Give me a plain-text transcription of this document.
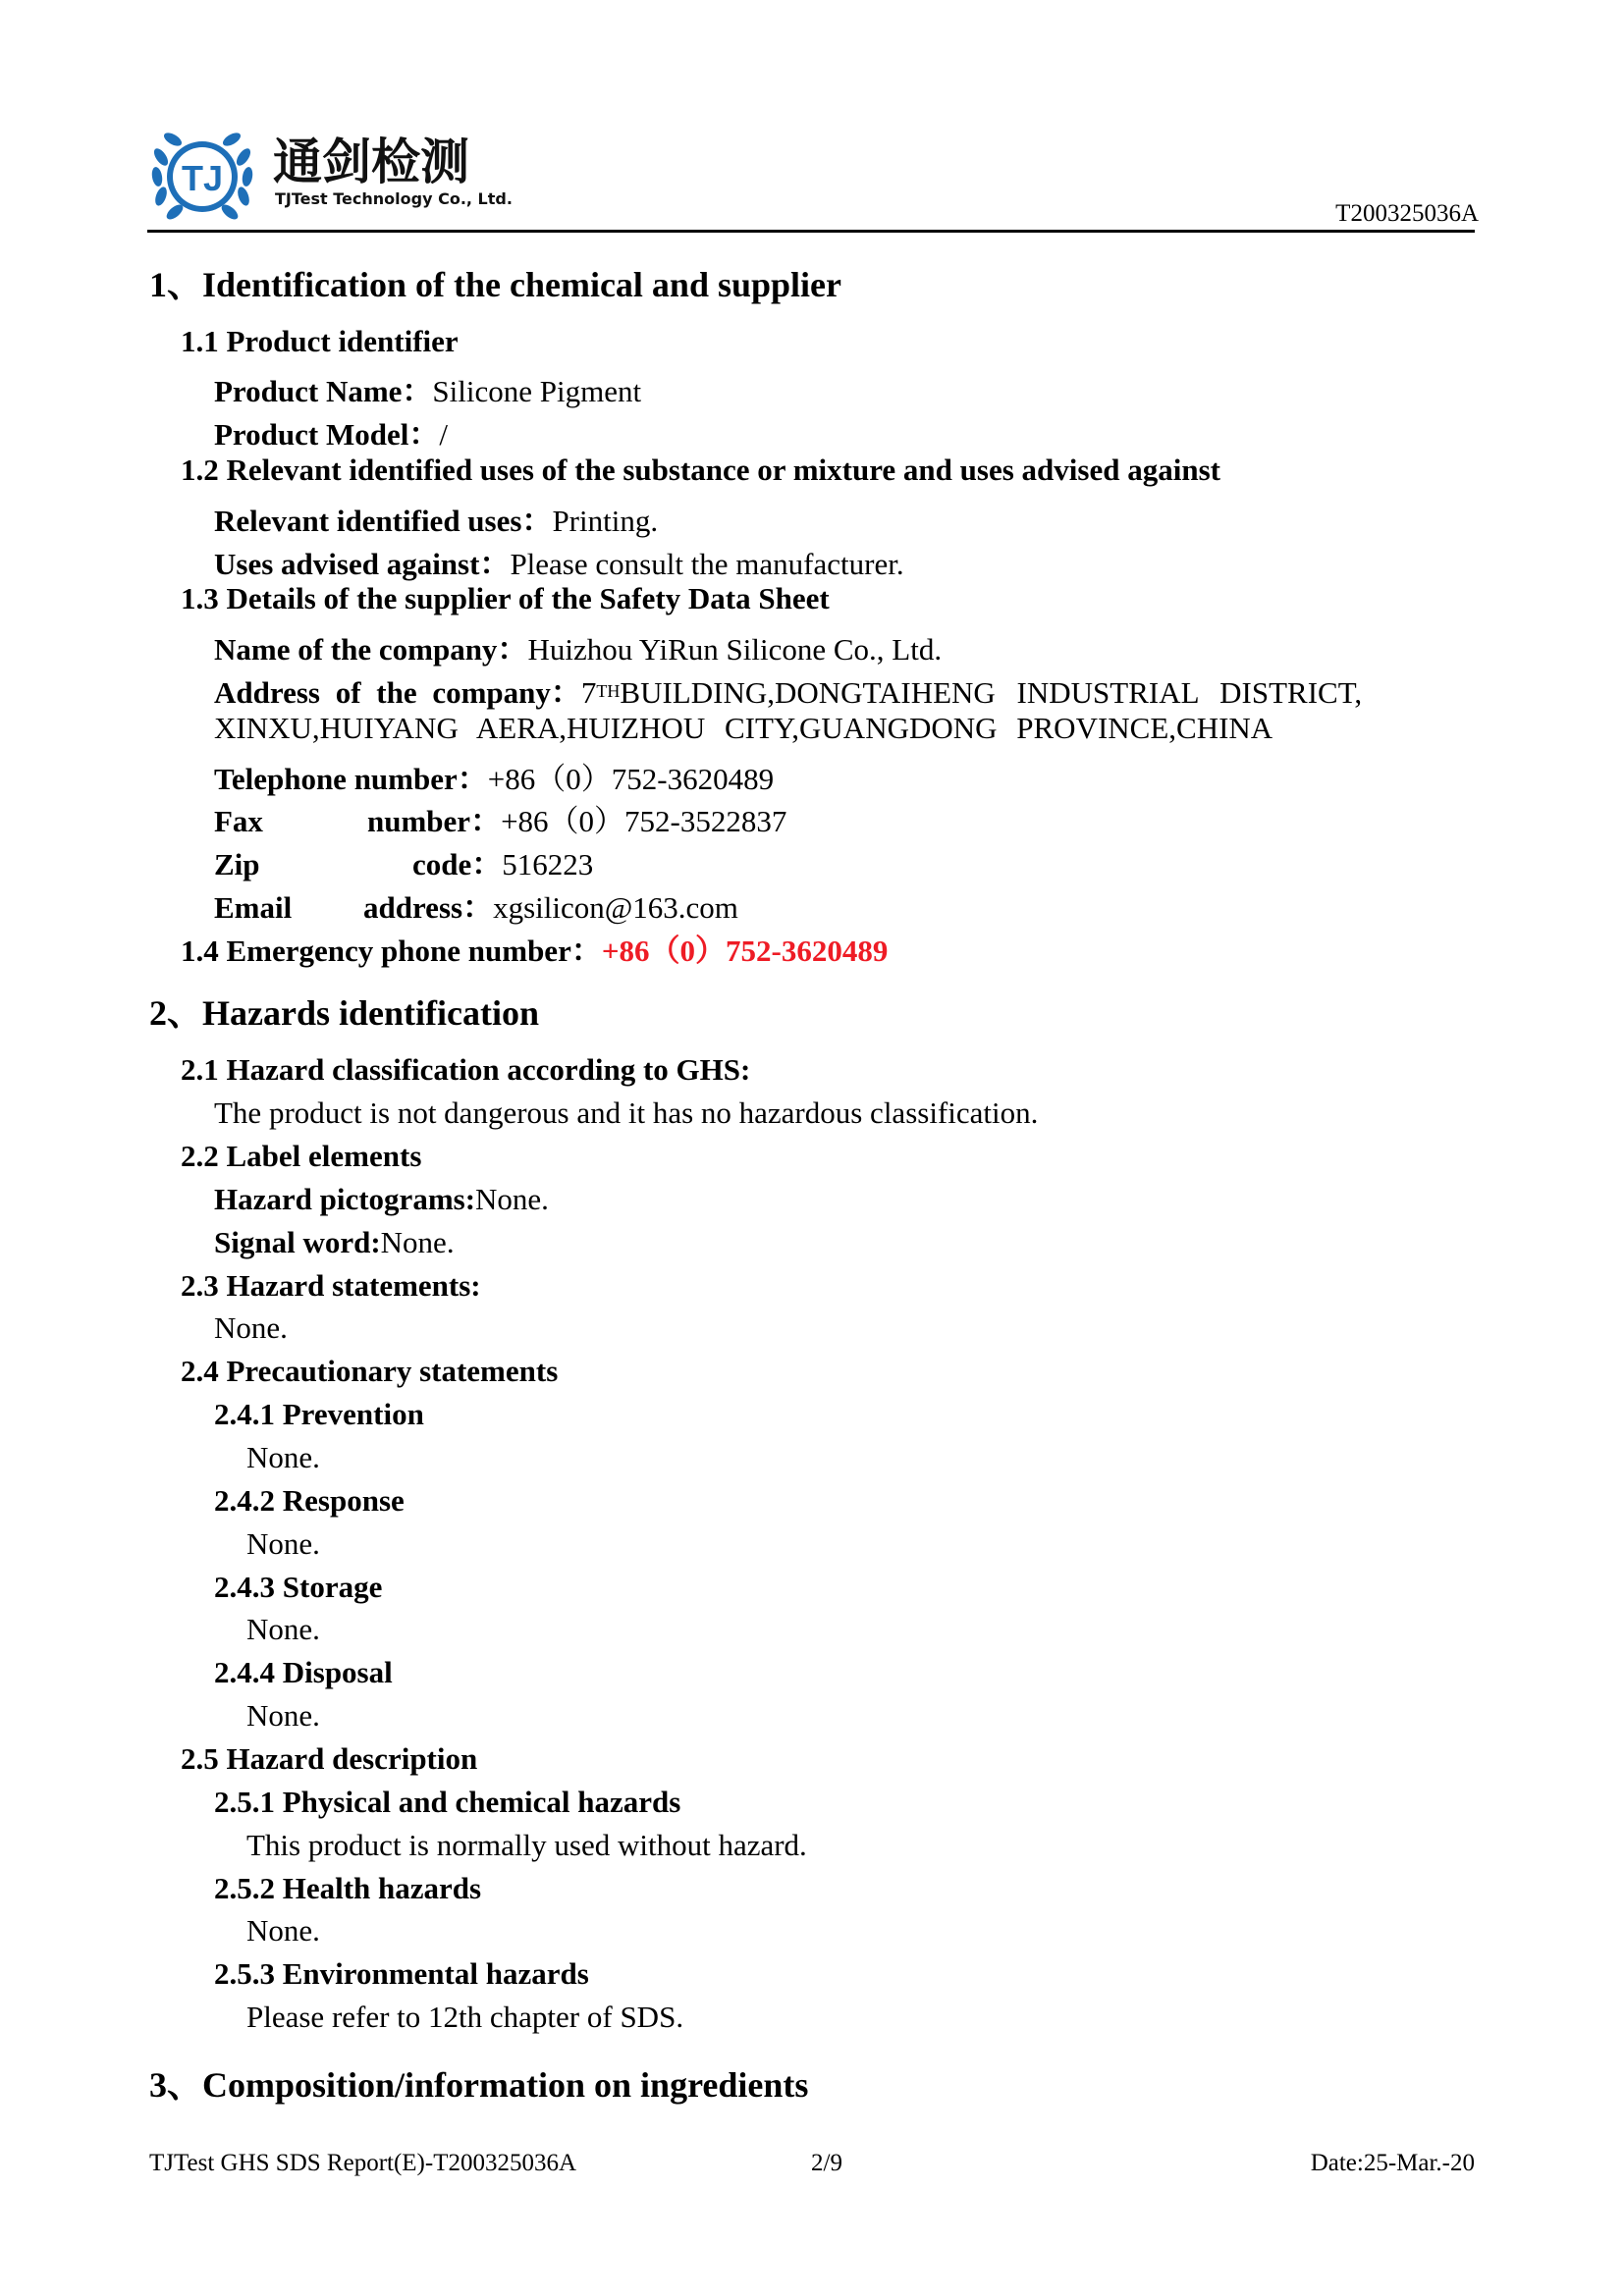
TJ 通剑检测
TJTest Technology Co., Ltd.
T200325036A
1、Identification of the chemical and supplier
1.1 Product identifier
Product Name：Silicone Pigment
Product Model：/
1.2 Relevant identified uses of the substance or mixture and uses advised against
Relevant identified uses：Printing.
Uses advised against：Please consult the manufacturer.
1.3 Details of the supplier of the Safety Data Sheet
Name of the company：Huizhou YiRun Silicone Co., Ltd.
Address of the company：7THBUILDING,DONGTAIHENG INDUSTRIAL DISTRICT,
XINXU,HUIYANG AERA,HUIZHOU CITY,GUANGDONG PROVINCE,CHINA
Telephone number：+86（0）752-3620489
Fax	number：+86（0）752-3522837
Zip	code：516223
Email address：xgsilicon@163.com
1.4 Emergency phone number：+86（0）752-3620489
2、Hazards identification
2.1 Hazard classification according to GHS:
The product is not dangerous and it has no hazardous classification.
2.2 Label elements
Hazard pictograms:None.
Signal word:None.
2.3 Hazard statements:
None.
2.4 Precautionary statements
2.4.1 Prevention
None.
2.4.2 Response
None.
2.4.3 Storage
None.
2.4.4 Disposal
None.
2.5 Hazard description
2.5.1 Physical and chemical hazards
This product is normally used without hazard.
2.5.2 Health hazards
None.
2.5.3 Environmental hazards
Please refer to 12th chapter of SDS.
3、Composition/information on ingredients
TJTest GHS SDS Report(E)-T200325036A	2/9	Date:25-Mar.-20
